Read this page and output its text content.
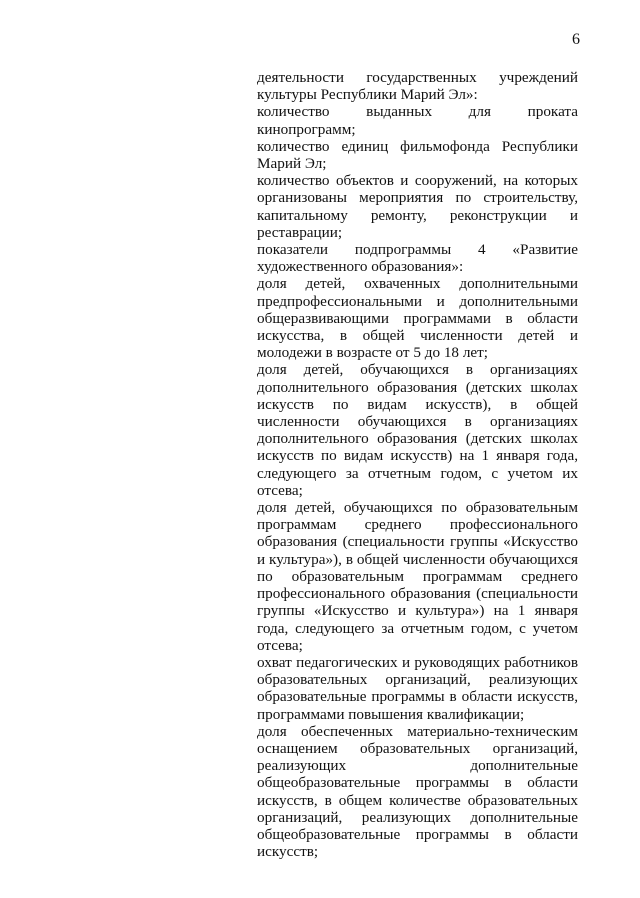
6

деятельности государственных учреждений культуры Республики Марий Эл»:

количество выданных для проката кинопрограмм;

количество единиц фильмофонда Республики Марий Эл;

количество объектов и сооружений, на которых организованы мероприятия по строительству, капитальному ремонту, реконструкции и реставрации;

показатели подпрограммы 4 «Развитие художественного образования»:

доля детей, охваченных дополнительными предпрофессиональными и дополнительными общеразвивающими программами в области искусства, в общей численности детей и молодежи в возрасте от 5 до 18 лет;

доля детей, обучающихся в организациях дополнительного образования (детских школах искусств по видам искусств), в общей численности обучающихся в организациях дополнительного образования (детских школах искусств по видам искусств) на 1 января года, следующего за отчетным годом, с учетом их отсева;

доля детей, обучающихся по образовательным программам среднего профессионального образования (специальности группы «Искусство и культура»), в общей численности обучающихся по образовательным программам среднего профессионального образования (специальности группы «Искусство и культура») на 1 января года, следующего за отчетным годом, с учетом отсева;

охват педагогических и руководящих работников образовательных организаций, реализующих образовательные программы в области искусств, программами повышения квалификации;

доля обеспеченных материально-техническим оснащением образовательных организаций, реализующих дополнительные общеобразовательные программы в области искусств, в общем количестве образовательных организаций, реализующих дополнительные общеобразовательные программы в области искусств;
